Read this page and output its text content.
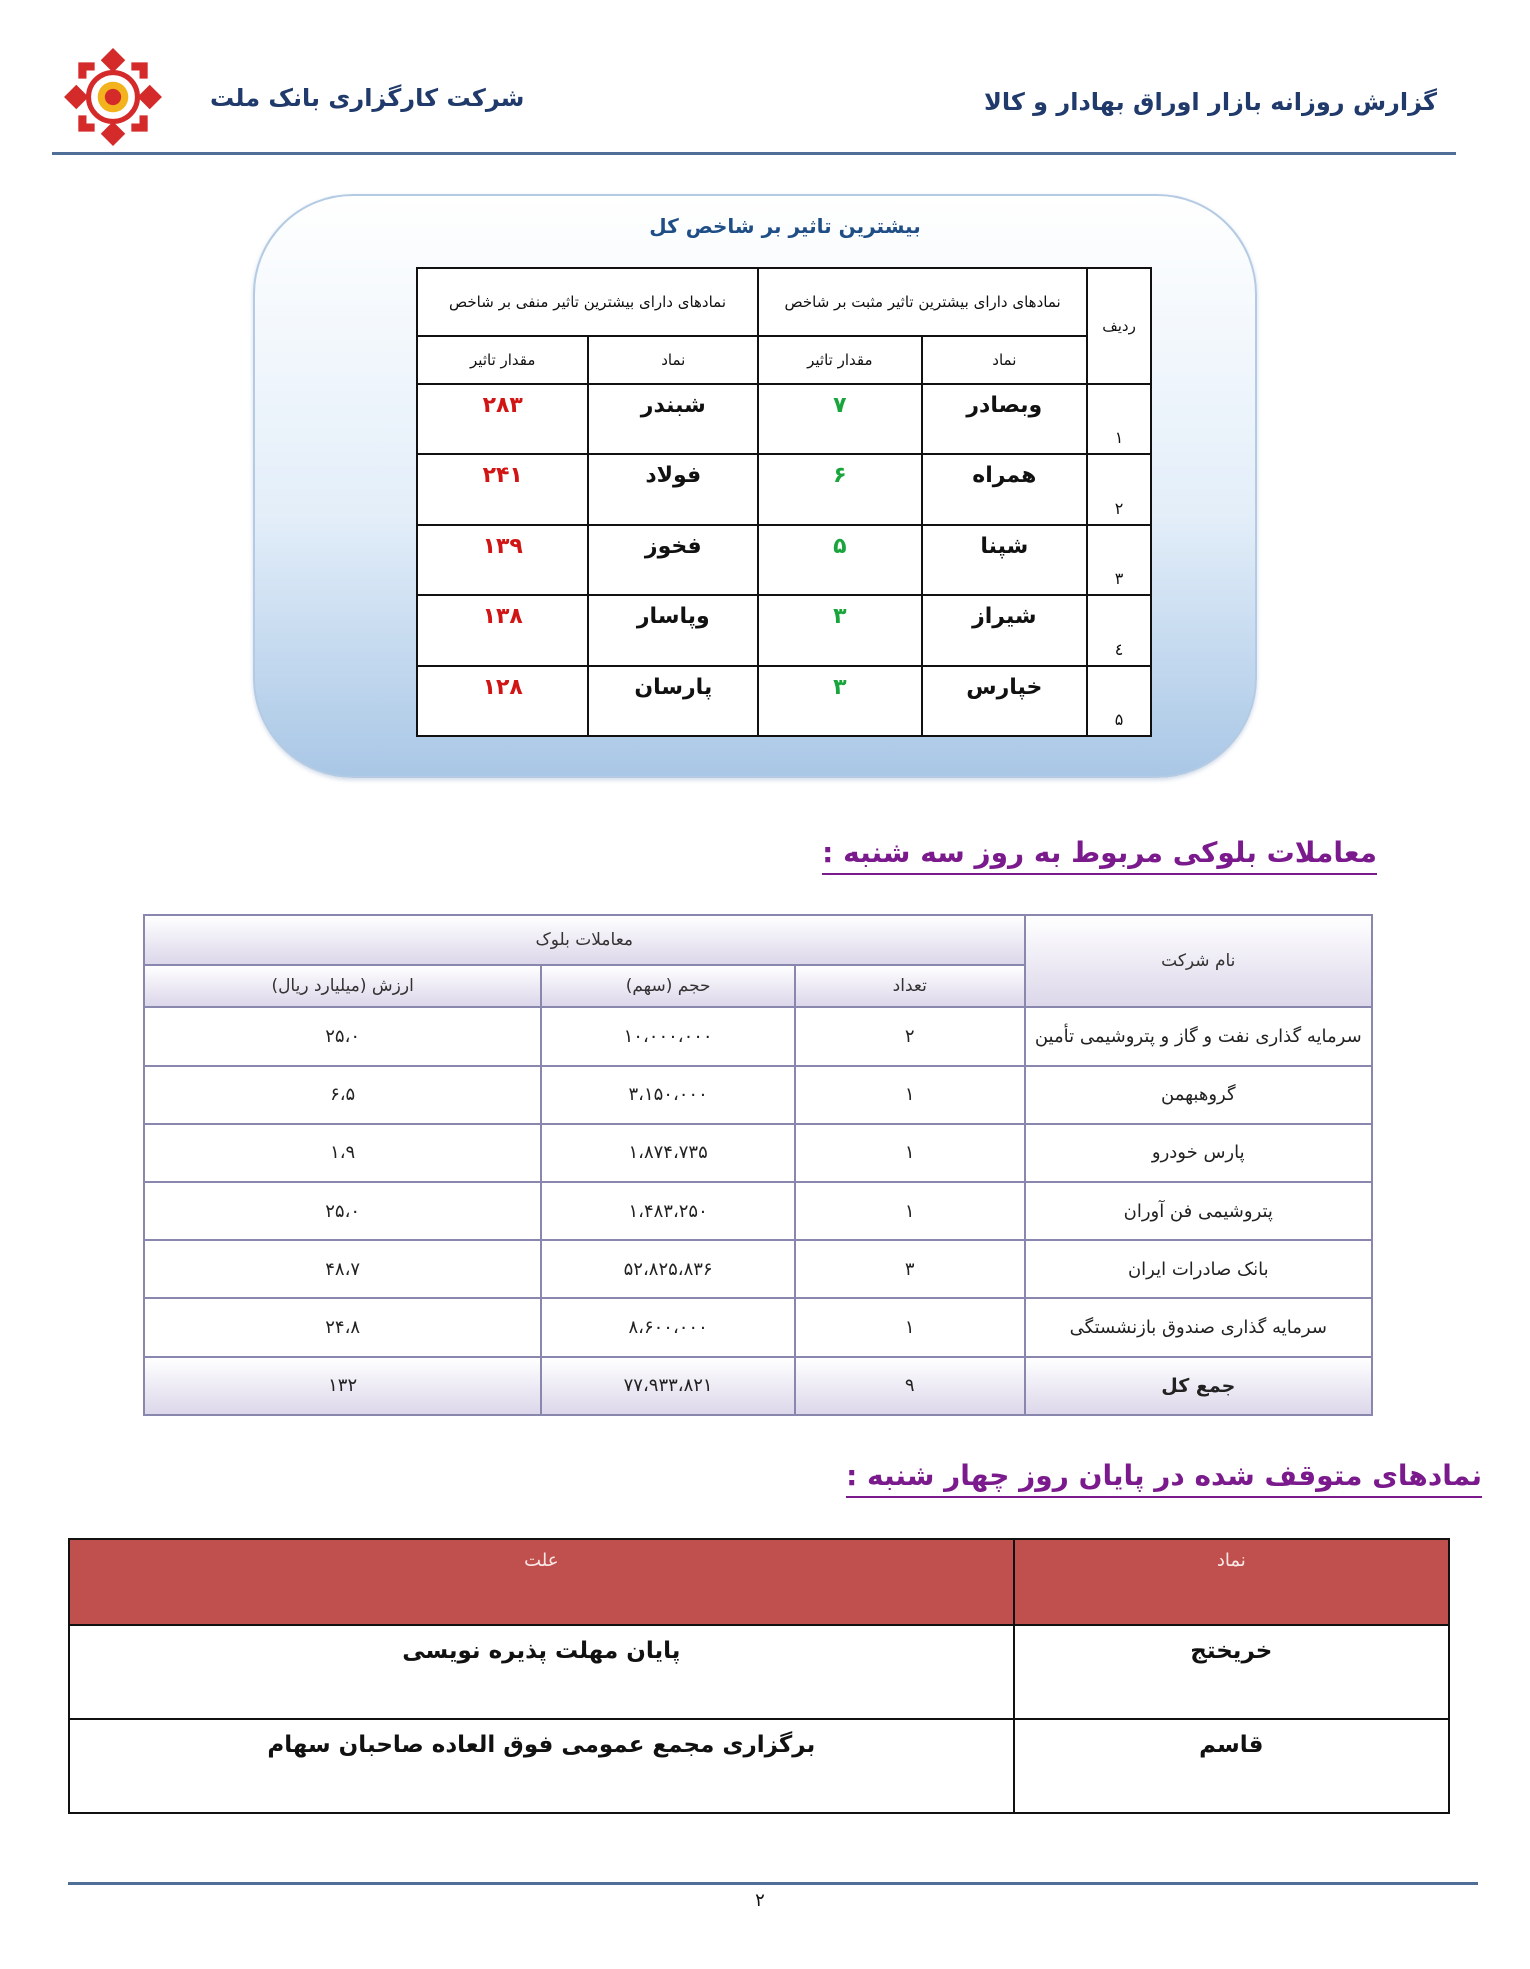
شرکت کارگزاری بانک ملت	گزارش روزانه بازار اوراق بهادار و کالا
بیشترین تاثیر بر شاخص کل
ردیف	نمادهای دارای بیشترین تاثیر مثبت بر شاخص		نمادهای دارای بیشترین تاثیر منفی بر شاخص	
	نماد	مقدار تاثیر	نماد	مقدار تاثیر
۱	وبصادر	۷	شبندر	۲۸۳
۲	همراه	۶	فولاد	۲۴۱
۳	شپنا	۵	فخوز	۱۳۹
٤	شیراز	۳	وپاسار	۱۳۸
۵	خپارس	۳	پارسان	۱۲۸
معاملات بلوکی مربوط به روز سه شنبه :
نام شرکت	معاملات بلوک		
	تعداد	حجم (سهم)	ارزش (میلیارد ریال)
سرمایه گذاری نفت و گاز و پتروشیمی تأمین	۲	۱۰،۰۰۰،۰۰۰	۲۵،۰
گروهبهمن	۱	۳،۱۵۰،۰۰۰	۶،۵
پارس خودرو	۱	۱،۸۷۴،۷۳۵	۱،۹
پتروشیمی فن آوران	۱	۱،۴۸۳،۲۵۰	۲۵،۰
بانک صادرات ایران	۳	۵۲،۸۲۵،۸۳۶	۴۸،۷
سرمایه گذاری صندوق بازنشستگی	۱	۸،۶۰۰،۰۰۰	۲۴،۸
جمع کل	۹	۷۷،۹۳۳،۸۲۱	۱۳۲
نمادهای متوقف شده در پایان روز چهار شنبه :
نماد	علت
خریختج	پایان مهلت پذیره نویسی
قاسم	برگزاری مجمع عمومی فوق العاده صاحبان سهام
۲
